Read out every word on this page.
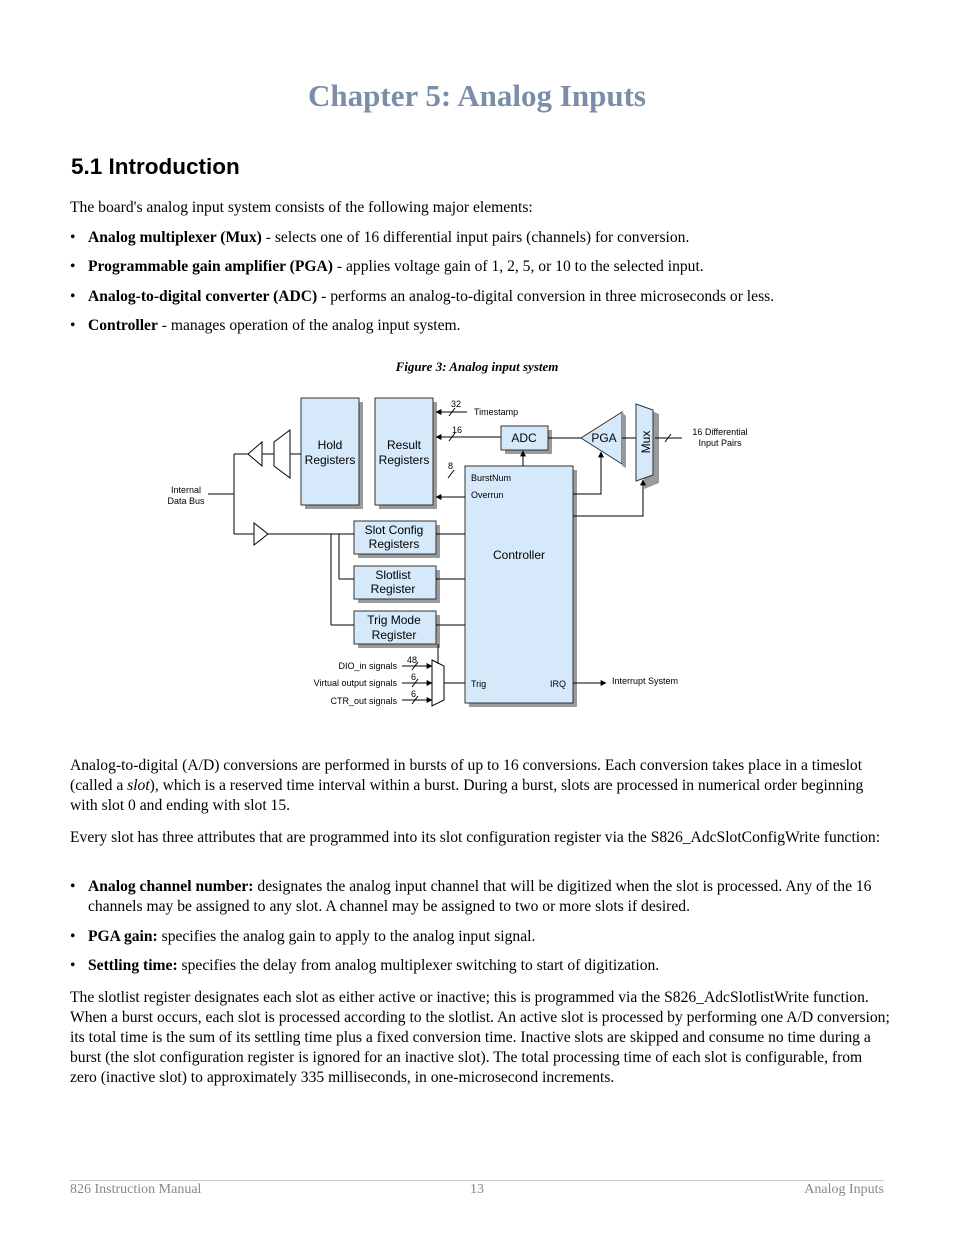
Chapter 5: Analog Inputs
5.1 Introduction

The board's analog input system consists of the following major elements:

• Analog multiplexer (Mux) - selects one of 16 differential input pairs (channels) for conversion.
• Programmable gain amplifier (PGA) - applies voltage gain of 1, 2, 5, or 10 to the selected input.
• Analog-to-digital converter (ADC) - performs an analog-to-digital conversion in three microseconds or less.
• Controller - manages operation of the analog input system.
Figure 3: Analog input system
Hold
Registers
Result
Registers
Slot Config
Registers
Slotlist
Register
Trig Mode
Register
Controller
ADC	PGA Mux
BurstNum
Overrun
Trig	IRQ
Timestamp
32
16
8
48
6
6
Interrupt System
DIO_in signals
Virtual output signals
CTR_out signals
16 Differential
Input Pairs
Internal
Data Bus

Analog-to-digital (A/D) conversions are performed in bursts of up to 16 conversions. Each conversion takes place in a timeslot (called a slot), which is a reserved time interval within a burst. During a burst, slots are processed in numerical order beginning with slot 0 and ending with slot 15.

Every slot has three attributes that are programmed into its slot configuration register via the S826_AdcSlotConfigWrite function:

• Analog channel number: designates the analog input channel that will be digitized when the slot is processed. Any of the 16 channels may be assigned to any slot. A channel may be assigned to two or more slots if desired.
• PGA gain: specifies the analog gain to apply to the analog input signal.
• Settling time: specifies the delay from analog multiplexer switching to start of digitization.

The slotlist register designates each slot as either active or inactive; this is programmed via the S826_AdcSlotlistWrite function. When a burst occurs, each slot is processed according to the slotlist. An active slot is processed by performing one A/D conversion; its total time is the sum of its settling time plus a fixed conversion time. Inactive slots are skipped and consume no time during a burst (the slot configuration register is ignored for an inactive slot). The total processing time of each slot is configurable, from zero (inactive slot) to approximately 335 milliseconds, in one-microsecond increments.

826 Instruction Manual	13	Analog Inputs
